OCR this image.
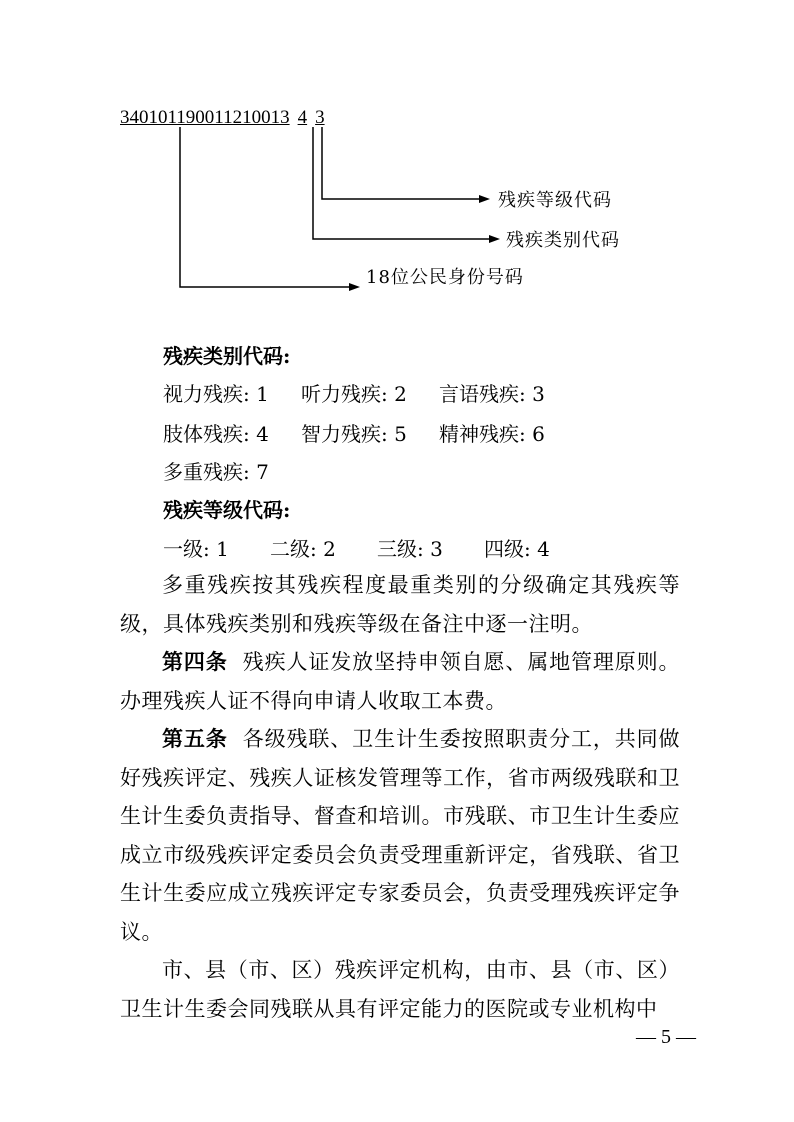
340101190011210013 4 3
残疾等级代码
残疾类别代码
18位公民身份号码
残疾类别代码:
视力残疾: 1 听力残疾: 2 言语残疾: 3
肢体残疾: 4 智力残疾: 5 精神残疾: 6
多重残疾: 7
残疾等级代码:
一级: 1 二级: 2 三级: 3 四级: 4

多重残疾按其残疾程度最重类别的分级确定其残疾等级，具体残疾类别和残疾等级在备注中逐一注明。

第四条 残疾人证发放坚持申领自愿、属地管理原则。办理残疾人证不得向申请人收取工本费。

第五条 各级残联、卫生计生委按照职责分工，共同做好残疾评定、残疾人证核发管理等工作，省市两级残联和卫生计生委负责指导、督查和培训。市残联、市卫生计生委应成立市级残疾评定委员会负责受理重新评定，省残联、省卫生计生委应成立残疾评定专家委员会，负责受理残疾评定争议。

市、县（市、区）残疾评定机构，由市、县（市、区）卫生计生委会同残联从具有评定能力的医院或专业机构中

— 5 —
